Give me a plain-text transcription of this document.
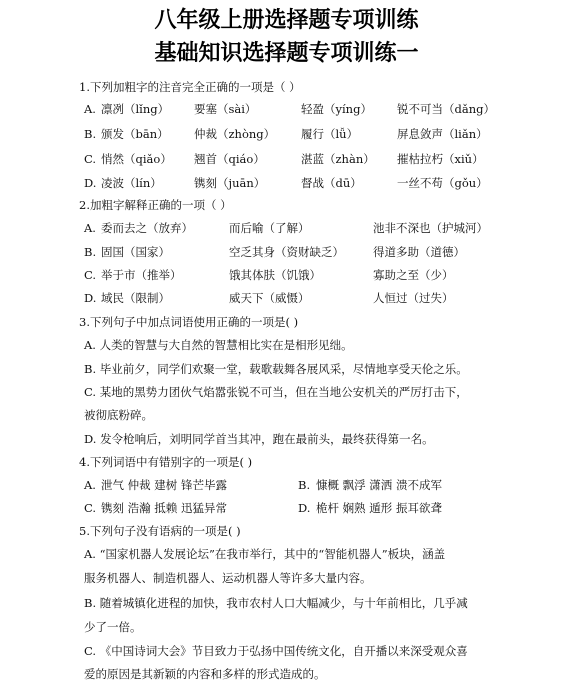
八年级上册选择题专项训练
基础知识选择题专项训练一
1.下列加粗字的注音完全正确的一项是（ ）
A. 凛冽（lǐng） 要塞（sài）	轻盈（yíng） 锐不可当（dǎng）
B. 颁发（bān） 仲裁（zhòng） 履行（lǚ）	屏息敛声（liǎn）
C. 悄然（qiǎo） 翘首（qiáo）	湛蓝（zhàn） 摧枯拉朽（xiǔ）
D. 凌波（lín）	镌刻（juān）	督战（dū）	一丝不苟（gǒu）
2.加粗字解释正确的一项（ ）
A. 委而去之（放弃）	而后喻（了解）	池非不深也（护城河）
B. 固国（国家）	空乏其身（资财缺乏）	得道多助（道德）
C. 举于市（推举）	饿其体肤（饥饿）	寡助之至（少）
D. 域民（限制）	威天下（威慑）	人恒过（过失）
3.下列句子中加点词语使用正确的一项是( )
A. 人类的智慧与大自然的智慧相比实在是相形见绌。
B. 毕业前夕，同学们欢聚一堂，载歌载舞各展风采，尽情地享受天伦之乐。
C. 某地的黑势力团伙气焰嚣张锐不可当，但在当地公安机关的严厉打击下，
被彻底粉碎。
D. 发令枪响后，刘明同学首当其冲，跑在最前头，最终获得第一名。
4.下列词语中有错别字的一项是( )
A. 泄气 仲裁 建树 锋芒毕露	B. 慷概 飘浮 潇洒 溃不成军
C. 镌刻 浩瀚 抵赖 迅猛异常	D. 桅杆 娴熟 遁形 振耳欲聋
5.下列句子没有语病的一项是( )
A. “国家机器人发展论坛”在我市举行，其中的“智能机器人”板块，涵盖
服务机器人、制造机器人、运动机器人等许多大量内容。
B. 随着城镇化进程的加快，我市农村人口大幅减少，与十年前相比，几乎减
少了一倍。
C. 《中国诗词大会》节目致力于弘扬中国传统文化，自开播以来深受观众喜
爱的原因是其新颖的内容和多样的形式造成的。
